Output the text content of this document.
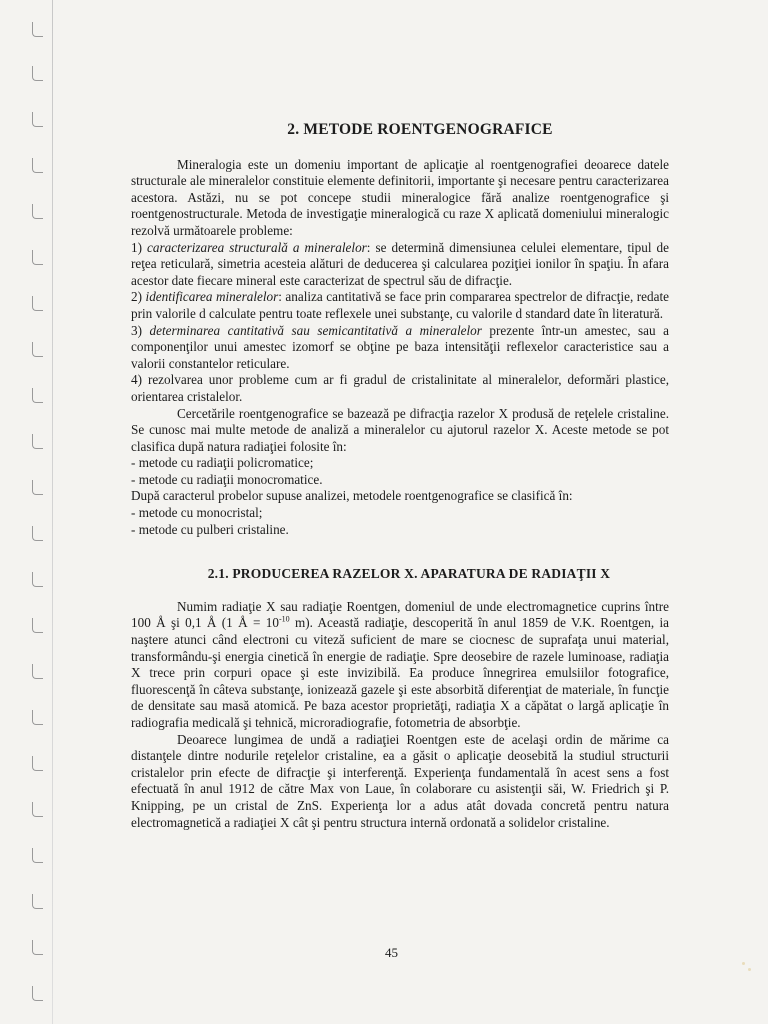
2. METODE ROENTGENOGRAFICE

Mineralogia este un domeniu important de aplicaţie al roentgenografiei deoarece datele structurale ale mineralelor constituie elemente definitorii, importante şi necesare pentru caracterizarea acestora. Astăzi, nu se pot concepe studii mineralogice fără analize roentgenografice şi roentgenostructurale. Metoda de investigaţie mineralogică cu raze X aplicată domeniului mineralogic rezolvă următoarele probleme:

1) caracterizarea structurală a mineralelor: se determină dimensiunea celulei elementare, tipul de reţea reticulară, simetria acesteia alături de deducerea şi calcularea poziţiei ionilor în spaţiu. În afara acestor date fiecare mineral este caracterizat de spectrul său de difracţie.

2) identificarea mineralelor: analiza cantitativă se face prin compararea spectrelor de difracţie, redate prin valorile d calculate pentru toate reflexele unei substanţe, cu valorile d standard date în literatură.

3) determinarea cantitativă sau semicantitativă a mineralelor prezente într-un amestec, sau a componenţilor unui amestec izomorf se obţine pe baza intensităţii reflexelor caracteristice sau a valorii constantelor reticulare.

4) rezolvarea unor probleme cum ar fi gradul de cristalinitate al mineralelor, deformări plastice, orientarea cristalelor.

Cercetările roentgenografice se bazează pe difracţia razelor X produsă de reţelele cristaline. Se cunosc mai multe metode de analiză a mineralelor cu ajutorul razelor X. Aceste metode se pot clasifica după natura radiaţiei folosite în:

- metode cu radiaţii policromatice;

- metode cu radiaţii monocromatice.

După caracterul probelor supuse analizei, metodele roentgenografice se clasifică în:

- metode cu monocristal;

- metode cu pulberi cristaline.

2.1. PRODUCEREA RAZELOR X. APARATURA DE RADIAŢII X

Numim radiaţie X sau radiaţie Roentgen, domeniul de unde electromagnetice cuprins între 100 Å şi 0,1 Å (1 Å = $10^{-10}$ m). Această radiaţie, descoperită în anul 1859 de V.K. Roentgen, ia naştere atunci când electroni cu viteză suficient de mare se ciocnesc de suprafaţa unui material, transformându-şi energia cinetică în energie de radiaţie. Spre deosebire de razele luminoase, radiaţia X trece prin corpuri opace şi este invizibilă. Ea produce înnegrirea emulsiilor fotografice, fluorescenţă în câteva substanţe, ionizează gazele şi este absorbită diferenţiat de materiale, în funcţie de densitate sau masă atomică. Pe baza acestor proprietăţi, radiaţia X a căpătat o largă aplicaţie în radiografia medicală şi tehnică, microradiografie, fotometria de absorbţie.

Deoarece lungimea de undă a radiaţiei Roentgen este de acelaşi ordin de mărime ca distanţele dintre nodurile reţelelor cristaline, ea a găsit o aplicaţie deosebită la studiul structurii cristalelor prin efecte de difracţie şi interferenţă. Experienţa fundamentală în acest sens a fost efectuată în anul 1912 de către Max von Laue, în colaborare cu asistenţii săi, W. Friedrich şi P. Knipping, pe un cristal de ZnS. Experienţa lor a adus atât dovada concretă pentru natura electromagnetică a radiaţiei X cât şi pentru structura internă ordonată a solidelor cristaline.

45
